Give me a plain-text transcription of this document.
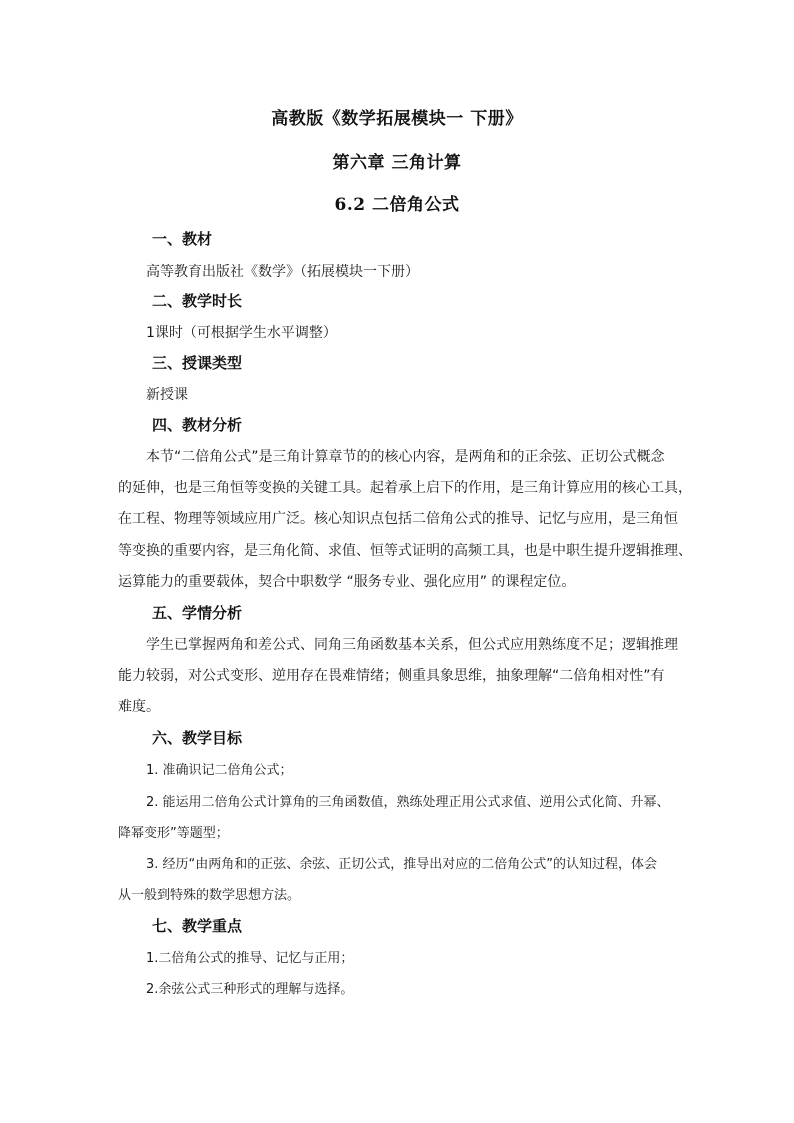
高教版《数学拓展模块一 下册》
第六章 三角计算
6.2 二倍角公式
一、教材
高等教育出版社《数学》（拓展模块一下册）
二、教学时长
1课时（可根据学生水平调整）
三、授课类型
新授课
四、教材分析
本节“二倍角公式”是三角计算章节的的核心内容，是两角和的正余弦、正切公式概念
的延伸，也是三角恒等变换的关键工具。起着承上启下的作用，是三角计算应用的核心工具，
在工程、物理等领域应用广泛。核心知识点包括二倍角公式的推导、记忆与应用，是三角恒
等变换的重要内容，是三角化简、求值、恒等式证明的高频工具，也是中职生提升逻辑推理、
运算能力的重要载体，契合中职数学 “服务专业、强化应用” 的课程定位。
五、学情分析
学生已掌握两角和差公式、同角三角函数基本关系，但公式应用熟练度不足；逻辑推理
能力较弱，对公式变形、逆用存在畏难情绪；侧重具象思维，抽象理解“二倍角相对性”有
难度。
六、教学目标
1. 准确识记二倍角公式；
2. 能运用二倍角公式计算角的三角函数值，熟练处理正用公式求值、逆用公式化简、升幂、
降幂变形”等题型；
3. 经历“由两角和的正弦、余弦、正切公式，推导出对应的二倍角公式”的认知过程，体会
从一般到特殊的数学思想方法。
七、教学重点
1.二倍角公式的推导、记忆与正用；
2.余弦公式三种形式的理解与选择。
